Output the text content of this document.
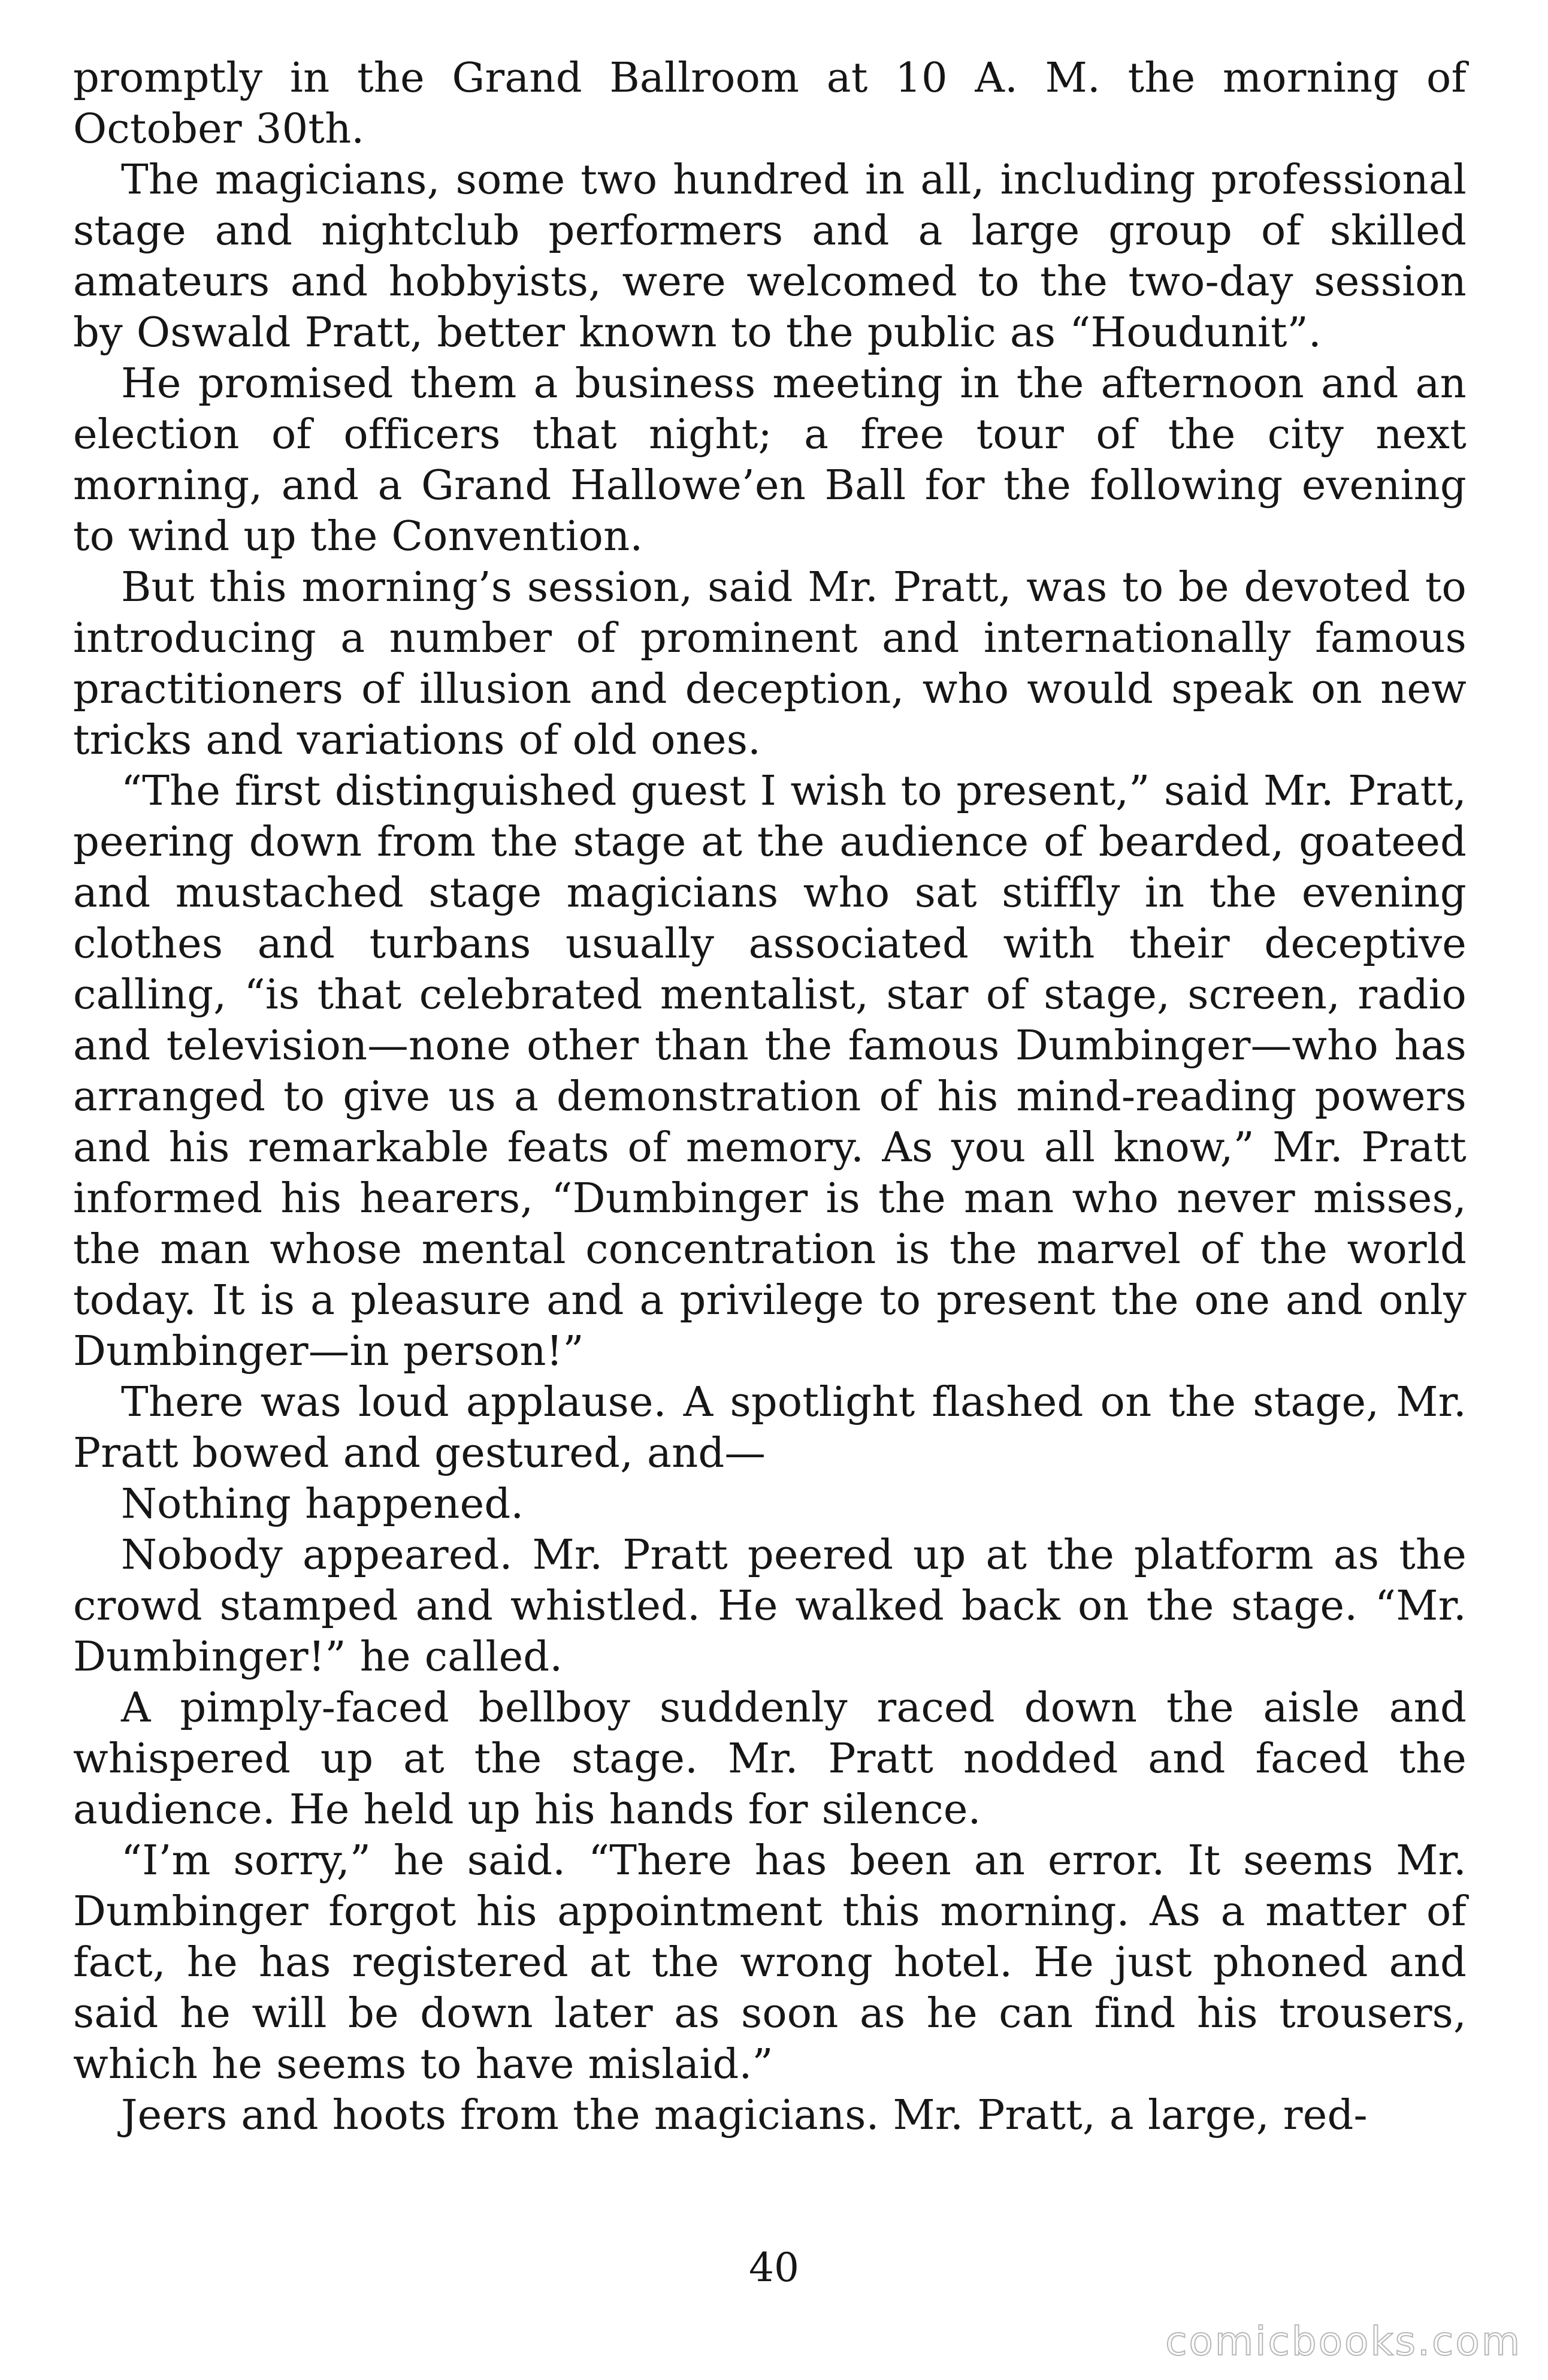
promptly in the Grand Ballroom at 10 A. M. the morning of October 30th.

The magicians, some two hundred in all, including professional stage and nightclub performers and a large group of skilled amateurs and hobbyists, were welcomed to the two-day session by Oswald Pratt, better known to the public as “Houdunit”.

He promised them a business meeting in the afternoon and an election of officers that night; a free tour of the city next morning, and a Grand Hallowe’en Ball for the following evening to wind up the Convention.

But this morning’s session, said Mr. Pratt, was to be devoted to introducing a number of prominent and internationally famous practitioners of illusion and deception, who would speak on new tricks and variations of old ones.

“The first distinguished guest I wish to present,” said Mr. Pratt, peering down from the stage at the audience of bearded, goateed and mustached stage magicians who sat stiffly in the evening clothes and turbans usually associated with their deceptive calling, “is that celebrated mentalist, star of stage, screen, radio and television—none other than the famous Dumbinger—who has arranged to give us a demonstration of his mind-reading powers and his remarkable feats of memory. As you all know,” Mr. Pratt informed his hearers, “Dumbinger is the man who never misses, the man whose mental concentration is the marvel of the world today. It is a pleasure and a privilege to present the one and only Dumbinger—in person!”

There was loud applause. A spotlight flashed on the stage, Mr. Pratt bowed and gestured, and—

Nothing happened.

Nobody appeared. Mr. Pratt peered up at the platform as the crowd stamped and whistled. He walked back on the stage. “Mr. Dumbinger!” he called.

A pimply-faced bellboy suddenly raced down the aisle and whispered up at the stage. Mr. Pratt nodded and faced the audience. He held up his hands for silence.

“I’m sorry,” he said. “There has been an error. It seems Mr. Dumbinger forgot his appointment this morning. As a matter of fact, he has registered at the wrong hotel. He just phoned and said he will be down later as soon as he can find his trousers, which he seems to have mislaid.”

Jeers and hoots from the magicians. Mr. Pratt, a large, red-

40
comicbooks.com
